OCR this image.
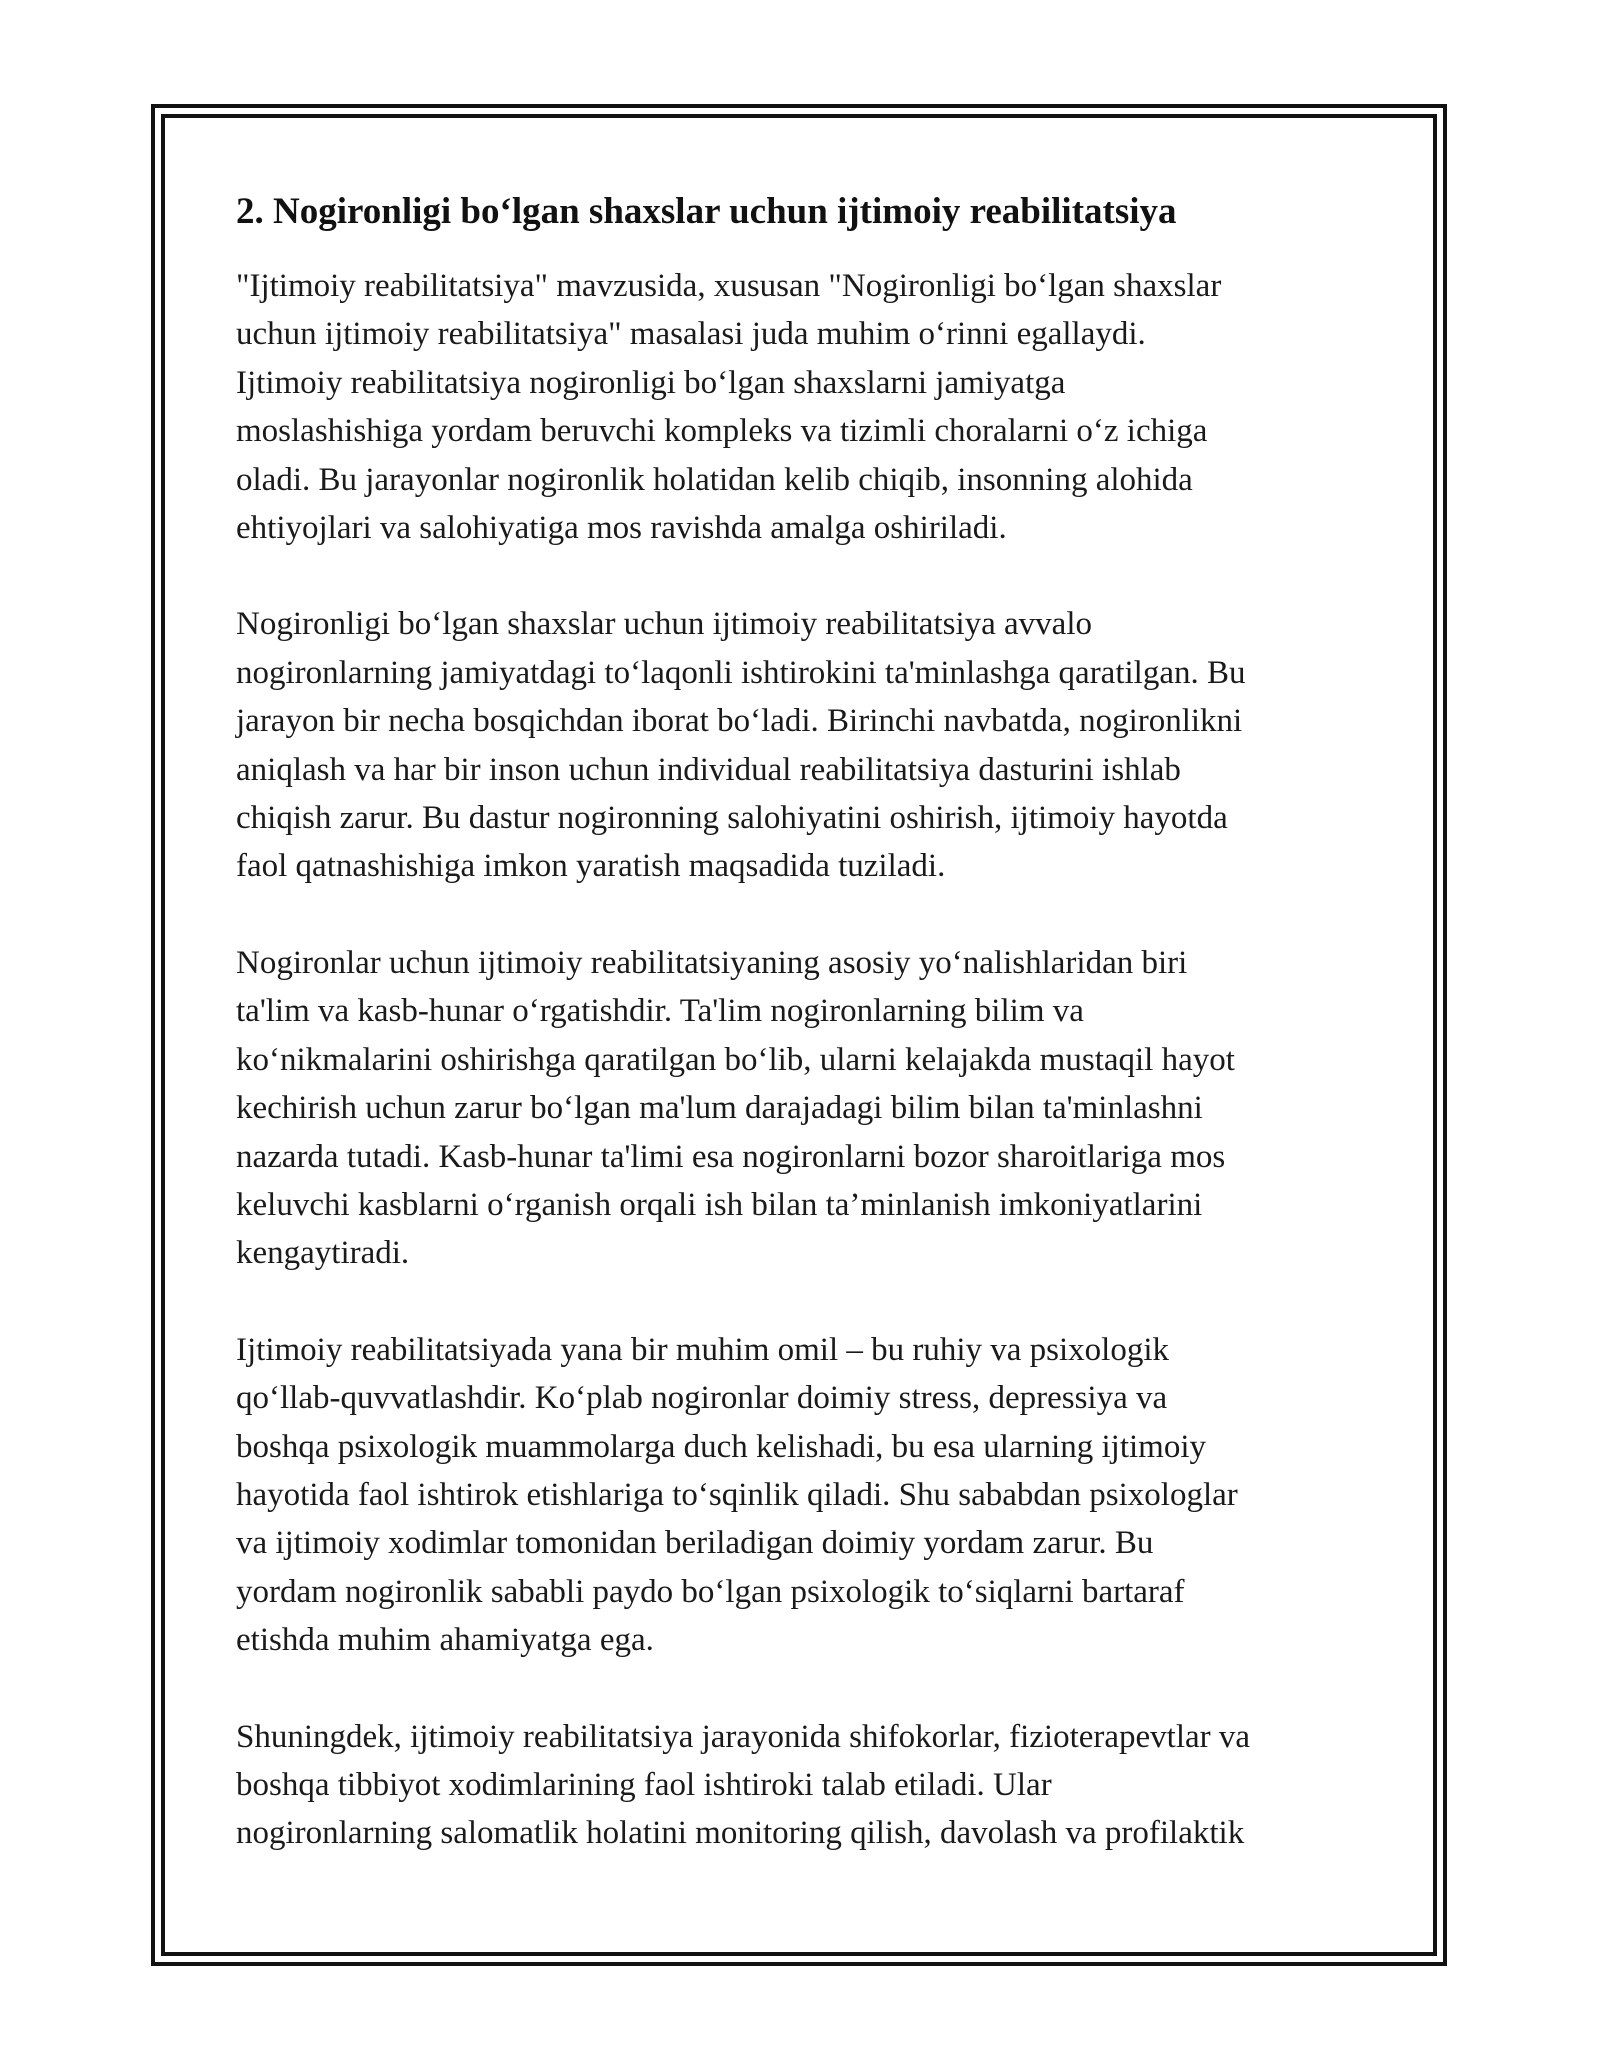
2. Nogironligi bo‘lgan shaxslar uchun ijtimoiy reabilitatsiya

"Ijtimoiy reabilitatsiya" mavzusida, xususan "Nogironligi bo‘lgan shaxslar
uchun ijtimoiy reabilitatsiya" masalasi juda muhim o‘rinni egallaydi.
Ijtimoiy reabilitatsiya nogironligi bo‘lgan shaxslarni jamiyatga
moslashishiga yordam beruvchi kompleks va tizimli choralarni o‘z ichiga
oladi. Bu jarayonlar nogironlik holatidan kelib chiqib, insonning alohida
ehtiyojlari va salohiyatiga mos ravishda amalga oshiriladi.

Nogironligi bo‘lgan shaxslar uchun ijtimoiy reabilitatsiya avvalo
nogironlarning jamiyatdagi to‘laqonli ishtirokini ta'minlashga qaratilgan. Bu
jarayon bir necha bosqichdan iborat bo‘ladi. Birinchi navbatda, nogironlikni
aniqlash va har bir inson uchun individual reabilitatsiya dasturini ishlab
chiqish zarur. Bu dastur nogironning salohiyatini oshirish, ijtimoiy hayotda
faol qatnashishiga imkon yaratish maqsadida tuziladi.

Nogironlar uchun ijtimoiy reabilitatsiyaning asosiy yo‘nalishlaridan biri
ta'lim va kasb-hunar o‘rgatishdir. Ta'lim nogironlarning bilim va
ko‘nikmalarini oshirishga qaratilgan bo‘lib, ularni kelajakda mustaqil hayot
kechirish uchun zarur bo‘lgan ma'lum darajadagi bilim bilan ta'minlashni
nazarda tutadi. Kasb-hunar ta'limi esa nogironlarni bozor sharoitlariga mos
keluvchi kasblarni o‘rganish orqali ish bilan ta’minlanish imkoniyatlarini
kengaytiradi.

Ijtimoiy reabilitatsiyada yana bir muhim omil – bu ruhiy va psixologik
qo‘llab-quvvatlashdir. Ko‘plab nogironlar doimiy stress, depressiya va
boshqa psixologik muammolarga duch kelishadi, bu esa ularning ijtimoiy
hayotida faol ishtirok etishlariga to‘sqinlik qiladi. Shu sababdan psixologlar
va ijtimoiy xodimlar tomonidan beriladigan doimiy yordam zarur. Bu
yordam nogironlik sababli paydo bo‘lgan psixologik to‘siqlarni bartaraf
etishda muhim ahamiyatga ega.

Shuningdek, ijtimoiy reabilitatsiya jarayonida shifokorlar, fizioterapevtlar va
boshqa tibbiyot xodimlarining faol ishtiroki talab etiladi. Ular
nogironlarning salomatlik holatini monitoring qilish, davolash va profilaktik
